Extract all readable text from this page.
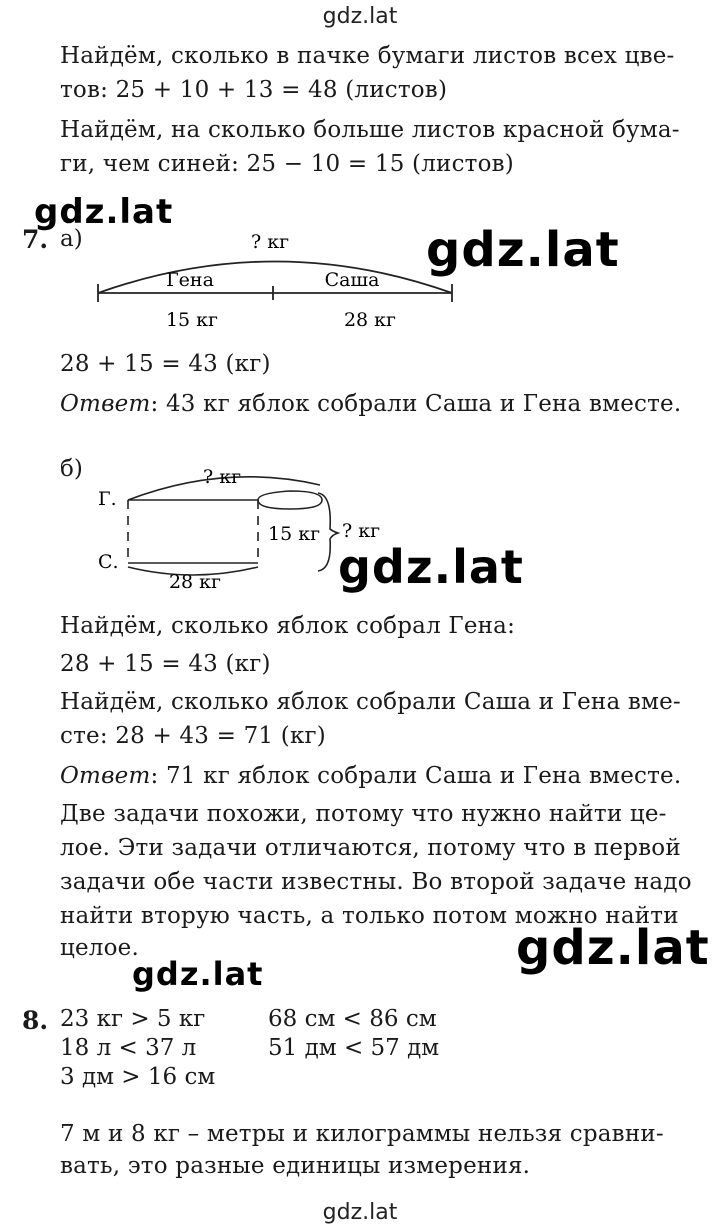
gdz.lat
gdz.lat
gdz.lat
gdz.lat
gdz.lat
gdz.lat
gdz.lat
Найдём, сколько в пачке бумаги листов всех цве-
тов: 25 + 10 + 13 = 48 (листов)
Найдём, на сколько больше листов красной бума-
ги, чем синей: 25 − 10 = 15 (листов)
7. а)	? кг
Гена	Саша
15 кг	28 кг
28 + 15 = 43 (кг)
Ответ: 43 кг яблок собрали Саша и Гена вместе.
б)	? кг
Г.
С.
15 кг
28 кг
? кг
Найдём, сколько яблок собрал Гена:
28 + 15 = 43 (кг)
Найдём, сколько яблок собрали Саша и Гена вме-
сте: 28 + 43 = 71 (кг)
Ответ: 71 кг яблок собрали Саша и Гена вместе.
Две задачи похожи, потому что нужно найти це-
лое. Эти задачи отличаются, потому что в первой
задачи обе части известны. Во второй задаче надо
найти вторую часть, а только потом можно найти
целое.
8. 23 кг > 5 кг	68 см < 86 см
18 л < 37 л	51 дм < 57 дм
3 дм > 16 см
7 м и 8 кг – метры и килограммы нельзя сравни-
вать, это разные единицы измерения.
